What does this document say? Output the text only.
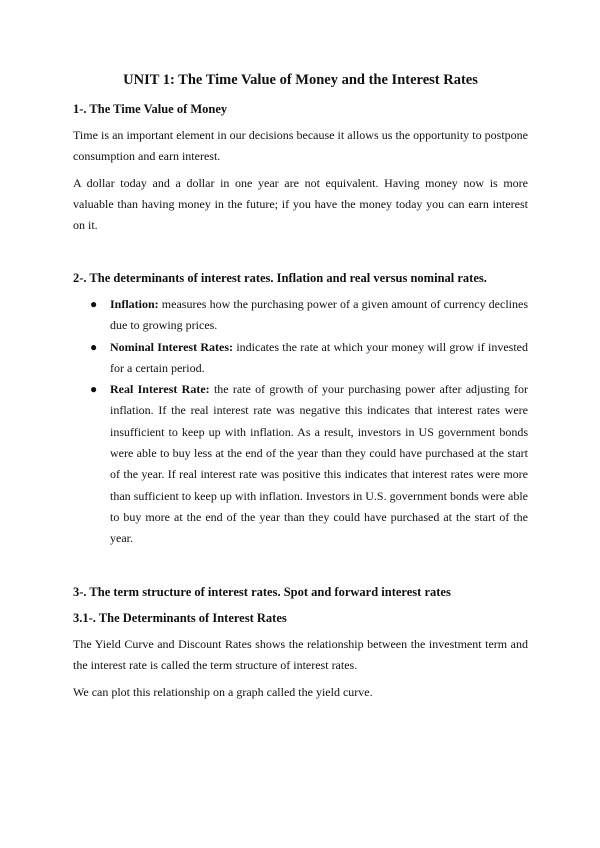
UNIT 1: The Time Value of Money and the Interest Rates
1-. The Time Value of Money

Time is an important element in our decisions because it allows us the opportunity to postpone consumption and earn interest.

A dollar today and a dollar in one year are not equivalent. Having money now is more valuable than having money in the future; if you have the money today you can earn interest on it.

2-. The determinants of interest rates. Inflation and real versus nominal rates.
● Inflation: measures how the purchasing power of a given amount of currency declines due to growing prices.
● Nominal Interest Rates: indicates the rate at which your money will grow if invested for a certain period.
● Real Interest Rate: the rate of growth of your purchasing power after adjusting for inflation. If the real interest rate was negative this indicates that interest rates were insufficient to keep up with inflation. As a result, investors in US government bonds were able to buy less at the end of the year than they could have purchased at the start of the year. If real interest rate was positive this indicates that interest rates were more than sufficient to keep up with inflation. Investors in U.S. government bonds were able to buy more at the end of the year than they could have purchased at the start of the year.
3-. The term structure of interest rates. Spot and forward interest rates
3.1-. The Determinants of Interest Rates

The Yield Curve and Discount Rates shows the relationship between the investment term and the interest rate is called the term structure of interest rates.

We can plot this relationship on a graph called the yield curve.
